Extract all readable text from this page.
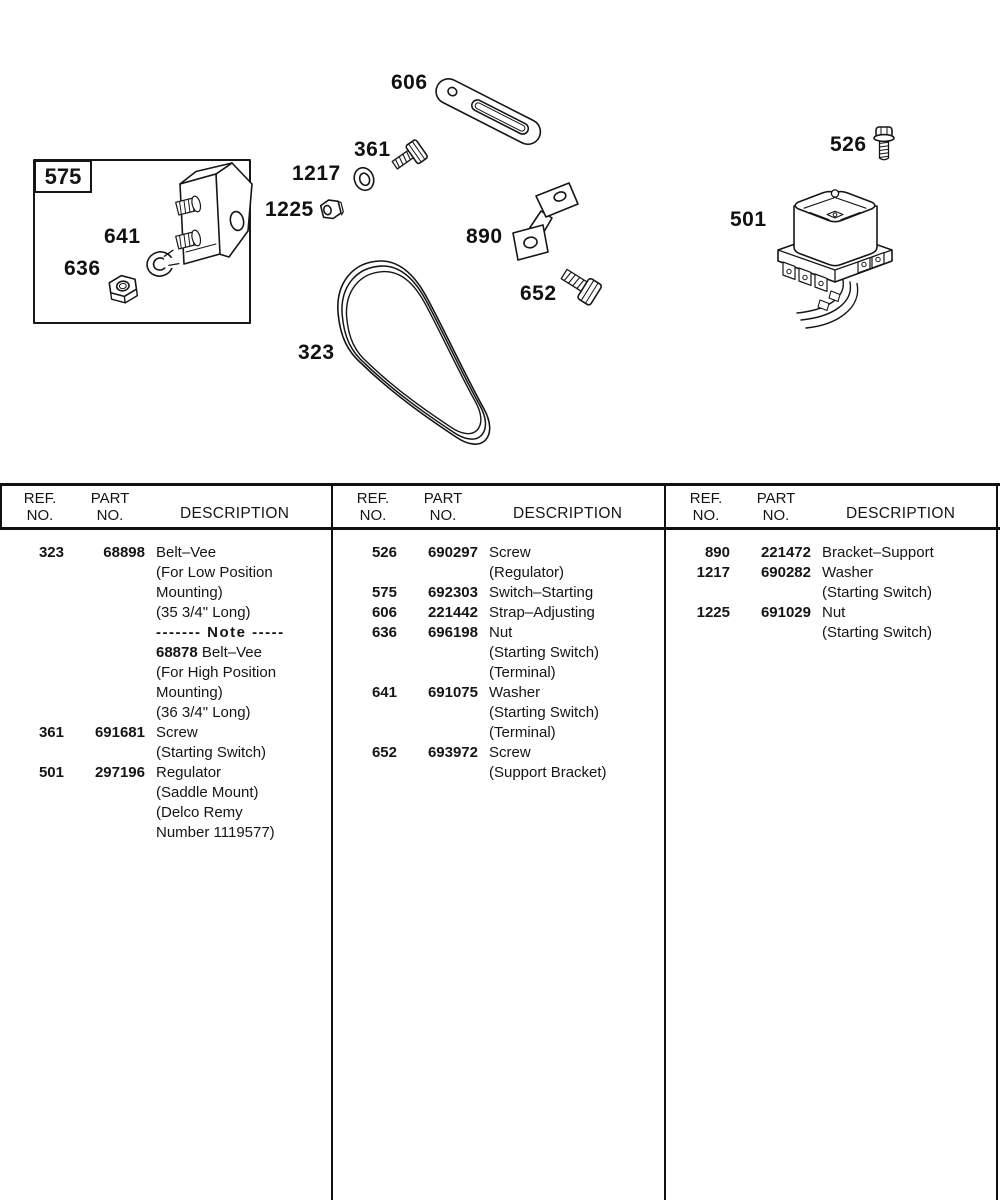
575
606
526
361
1217
1225	501
641	890
636
652
323
REF.
NO.
PART
NO.	DESCRIPTION
REF.
NO.
PART
NO.	DESCRIPTION
REF.
NO.
PART
NO.	DESCRIPTION
323	68898 Belt–Vee
(For Low Position
Mounting)
(35 3/4" Long)
------- Note -----
68878 Belt–Vee
(For High Position
Mounting)
(36 3/4" Long)
361	691681 Screw
(Starting Switch)
501	297196 Regulator
(Saddle Mount)
(Delco Remy
Number 1119577)
526	690297 Screw
(Regulator)
575	692303 Switch–Starting
606	221442 Strap–Adjusting
636	696198 Nut
(Starting Switch)
(Terminal)
641	691075 Washer
(Starting Switch)
(Terminal)
652	693972 Screw
(Support Bracket)
890	221472 Bracket–Support
1217	690282 Washer
(Starting Switch)
1225	691029 Nut
(Starting Switch)
